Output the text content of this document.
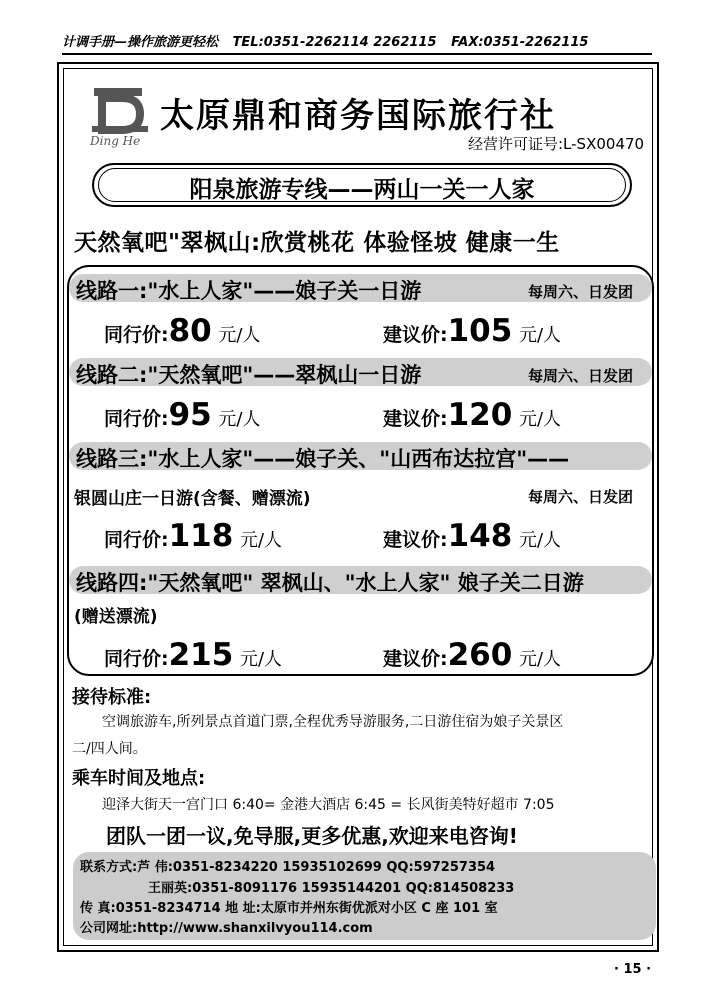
计调手册—操作旅游更轻松 TEL:0351-2262114 2262115 FAX:0351-2262115
Ding He
太原鼎和商务国际旅行社
经营许可证号:L-SX00470
阳泉旅游专线——两山一关一人家
天然氧吧"翠枫山:欣赏桃花 体验怪坡 健康一生
线路一:"水上人家"——娘子关一日游	每周六、日发团
同行价:80 元/人	建议价:105 元/人
线路二:"天然氧吧"——翠枫山一日游	每周六、日发团
同行价:95 元/人	建议价:120 元/人
线路三:"水上人家"——娘子关、"山西布达拉宫"——
银圆山庄一日游(含餐、赠漂流)	每周六、日发团
同行价:118 元/人	建议价:148 元/人
线路四:"天然氧吧" 翠枫山、"水上人家" 娘子关二日游
(赠送漂流)
同行价:215 元/人	建议价:260 元/人
接待标准:
空调旅游车,所列景点首道门票,全程优秀导游服务,二日游住宿为娘子关景区
二/四人间。
乘车时间及地点:
迎泽大街天一宫门口 6:40= 金港大酒店 6:45 = 长风街美特好超市 7:05
团队一团一议,免导服,更多优惠,欢迎来电咨询!
联系方式:芦 伟:0351-8234220 15935102699 QQ:597257354
王丽英:0351-8091176 15935144201 QQ:814508233
传 真:0351-8234714 地 址:太原市并州东街优派对小区 C 座 101 室
公司网址:http://www.shanxilvyou114.com
· 15 ·
